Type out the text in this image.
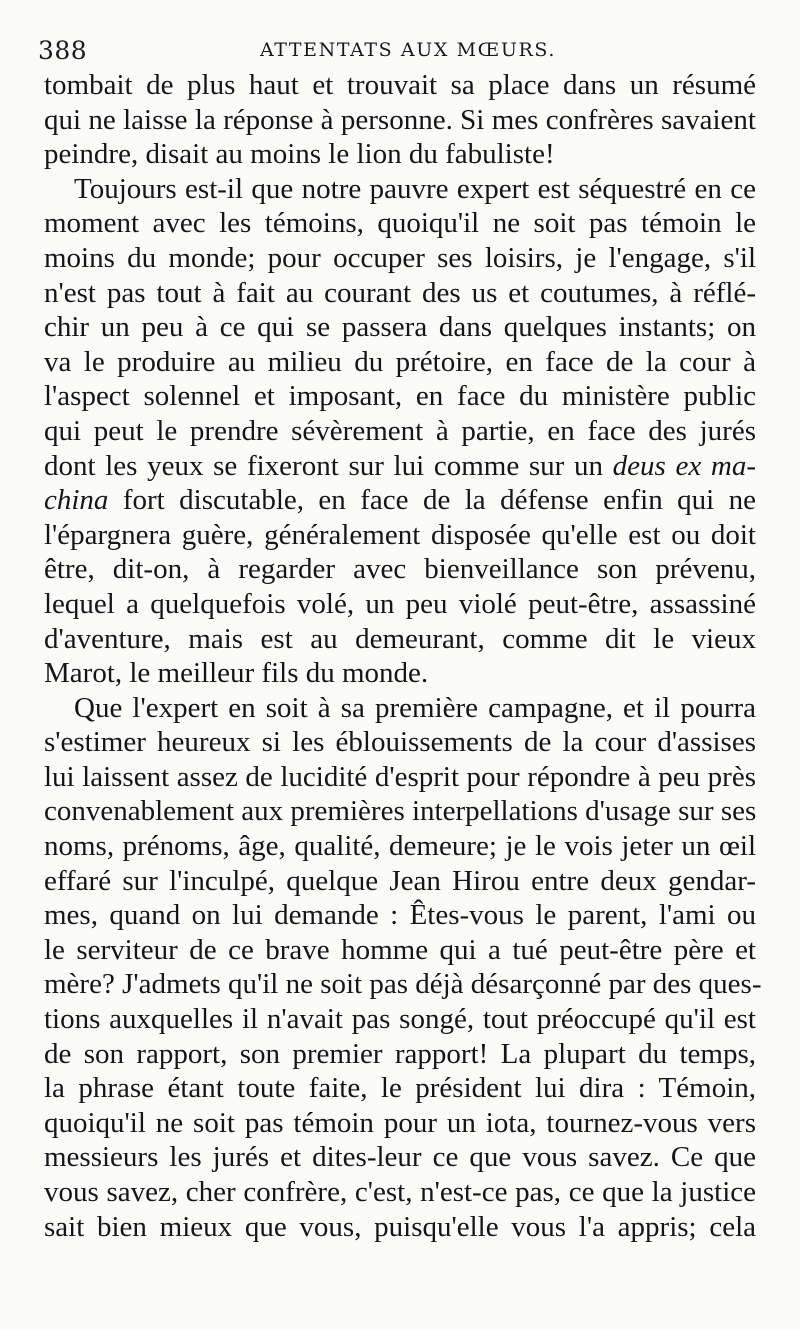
388	ATTENTATS AUX MŒURS.
tombait de plus haut et trouvait sa place dans un résumé
qui ne laisse la réponse à personne. Si mes confrères savaient
peindre, disait au moins le lion du fabuliste!
Toujours est-il que notre pauvre expert est séquestré en ce
moment avec les témoins, quoiqu'il ne soit pas témoin le
moins du monde; pour occuper ses loisirs, je l'engage, s'il
n'est pas tout à fait au courant des us et coutumes, à réflé-
chir un peu à ce qui se passera dans quelques instants; on
va le produire au milieu du prétoire, en face de la cour à
l'aspect solennel et imposant, en face du ministère public
qui peut le prendre sévèrement à partie, en face des jurés
dont les yeux se fixeront sur lui comme sur un deus ex ma-
china fort discutable, en face de la défense enfin qui ne
l'épargnera guère, généralement disposée qu'elle est ou doit
être, dit-on, à regarder avec bienveillance son prévenu,
lequel a quelquefois volé, un peu violé peut-être, assassiné
d'aventure, mais est au demeurant, comme dit le vieux
Marot, le meilleur fils du monde.
Que l'expert en soit à sa première campagne, et il pourra
s'estimer heureux si les éblouissements de la cour d'assises
lui laissent assez de lucidité d'esprit pour répondre à peu près
convenablement aux premières interpellations d'usage sur ses
noms, prénoms, âge, qualité, demeure; je le vois jeter un œil
effaré sur l'inculpé, quelque Jean Hirou entre deux gendar-
mes, quand on lui demande : Êtes-vous le parent, l'ami ou
le serviteur de ce brave homme qui a tué peut-être père et
mère? J'admets qu'il ne soit pas déjà désarçonné par des ques-
tions auxquelles il n'avait pas songé, tout préoccupé qu'il est
de son rapport, son premier rapport! La plupart du temps,
la phrase étant toute faite, le président lui dira : Témoin,
quoiqu'il ne soit pas témoin pour un iota, tournez-vous vers
messieurs les jurés et dites-leur ce que vous savez. Ce que
vous savez, cher confrère, c'est, n'est-ce pas, ce que la justice
sait bien mieux que vous, puisqu'elle vous l'a appris; cela
